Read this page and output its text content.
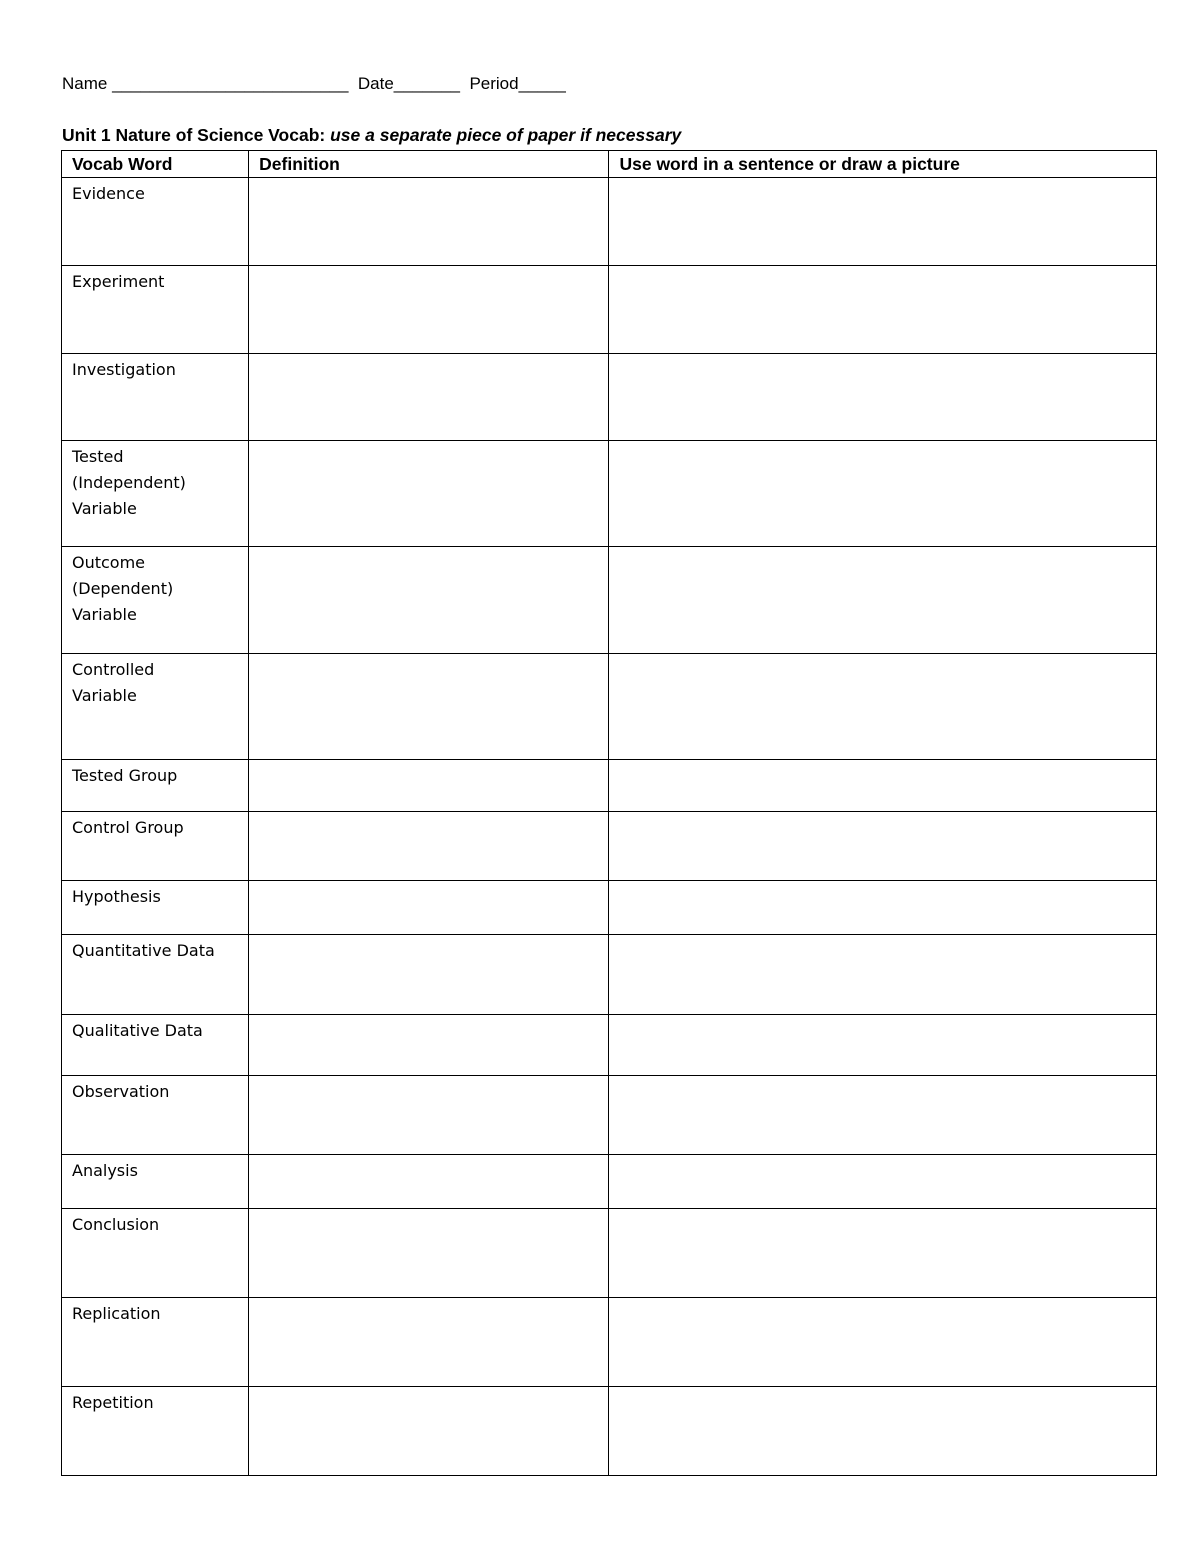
Name _________________________  Date_______  Period_____
Unit 1 Nature of Science Vocab: use a separate piece of paper if necessary
Vocab Word	Definition	Use word in a sentence or draw a picture
Evidence		
Experiment		
Investigation		
Tested (Independent) Variable		
Outcome (Dependent) Variable		
Controlled Variable		
Tested Group		
Control Group		
Hypothesis		
Quantitative Data		
Qualitative Data		
Observation		
Analysis		
Conclusion		
Replication		
Repetition		
